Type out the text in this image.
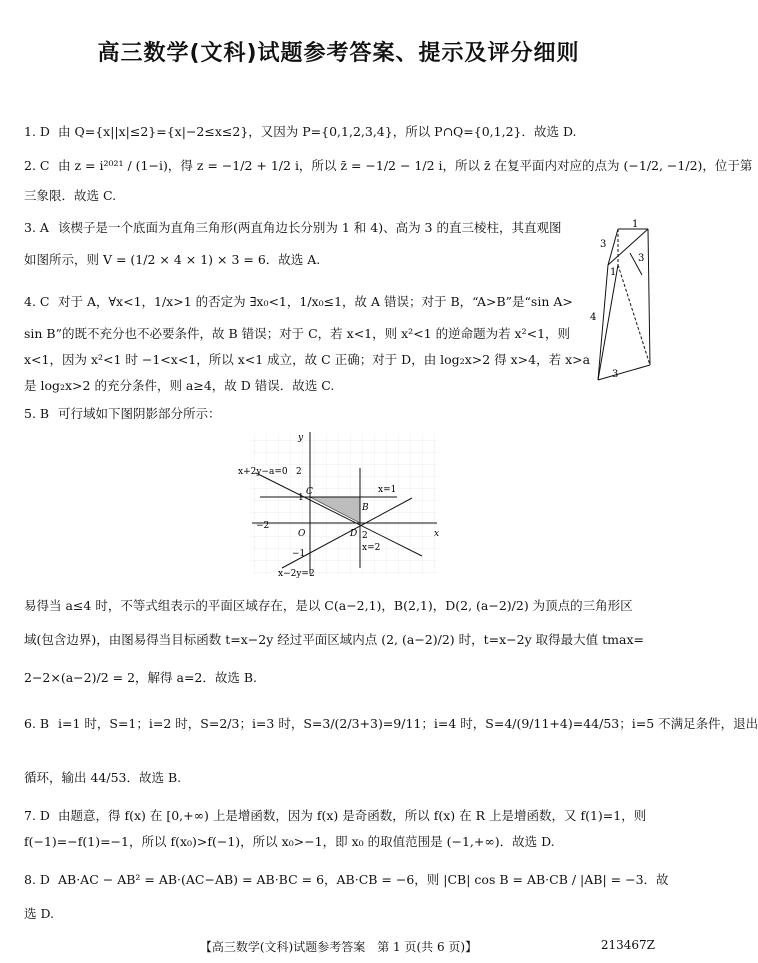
高三数学(文科)试题参考答案、提示及评分细则
1. D 由 Q={x||x|≤2}={x|−2≤x≤2}，又因为 P={0,1,2,3,4}，所以 P∩Q={0,1,2}．故选 D.
2. C 由 z = i²⁰²¹ / (1−i)，得 z = −1/2 + 1/2 i，所以 z̄ = −1/2 − 1/2 i，所以 z̄ 在复平面内对应的点为 (−1/2, −1/2)，位于第
三象限．故选 C.
3. A 该楔子是一个底面为直角三角形(两直角边长分别为 1 和 4)、高为 3 的直三棱柱，其直观图
如图所示，则 V = (1/2 × 4 × 1) × 3 = 6．故选 A.
4. C 对于 A，∀x<1，1/x>1 的否定为 ∃x₀<1，1/x₀≤1，故 A 错误；对于 B，“A>B”是“sin A>
sin B”的既不充分也不必要条件，故 B 错误；对于 C，若 x<1，则 x²<1 的逆命题为若 x²<1，则
x<1，因为 x²<1 时 −1<x<1，所以 x<1 成立，故 C 正确；对于 D，由 log₂x>2 得 x>4，若 x>a
是 log₂x>2 的充分条件，则 a≥4，故 D 错误．故选 C.
5. B 可行域如下图阴影部分所示：
1
3
1
3
4
3
y
x
O
2
1
−1
x−2y=2
x+2y−a=0
x=1
x=2
C
B
D 2
−2
易得当 a≤4 时，不等式组表示的平面区域存在，是以 C(a−2,1)，B(2,1)，D(2, (a−2)/2) 为顶点的三角形区
域(包含边界)，由图易得当目标函数 t=x−2y 经过平面区域内点 (2, (a−2)/2) 时，t=x−2y 取得最大值 tmax=
2−2×(a−2)/2 = 2，解得 a=2．故选 B.
6. B i=1 时，S=1；i=2 时，S=2/3；i=3 时，S=3/(2/3+3)=9/11；i=4 时，S=4/(9/11+4)=44/53；i=5 不满足条件，退出
循环，输出 44/53．故选 B.
7. D 由题意，得 f(x) 在 [0,+∞) 上是增函数，因为 f(x) 是奇函数，所以 f(x) 在 R 上是增函数，又 f(1)=1，则
f(−1)=−f(1)=−1，所以 f(x₀)>f(−1)，所以 x₀>−1，即 x₀ 的取值范围是 (−1,+∞)．故选 D.
8. D AB·AC − AB² = AB·(AC−AB) = AB·BC = 6，AB·CB = −6，则 |CB| cos B = AB·CB / |AB| = −3．故
选 D.
【高三数学(文科)试题参考答案　第 1 页(共 6 页)】	213467Z
